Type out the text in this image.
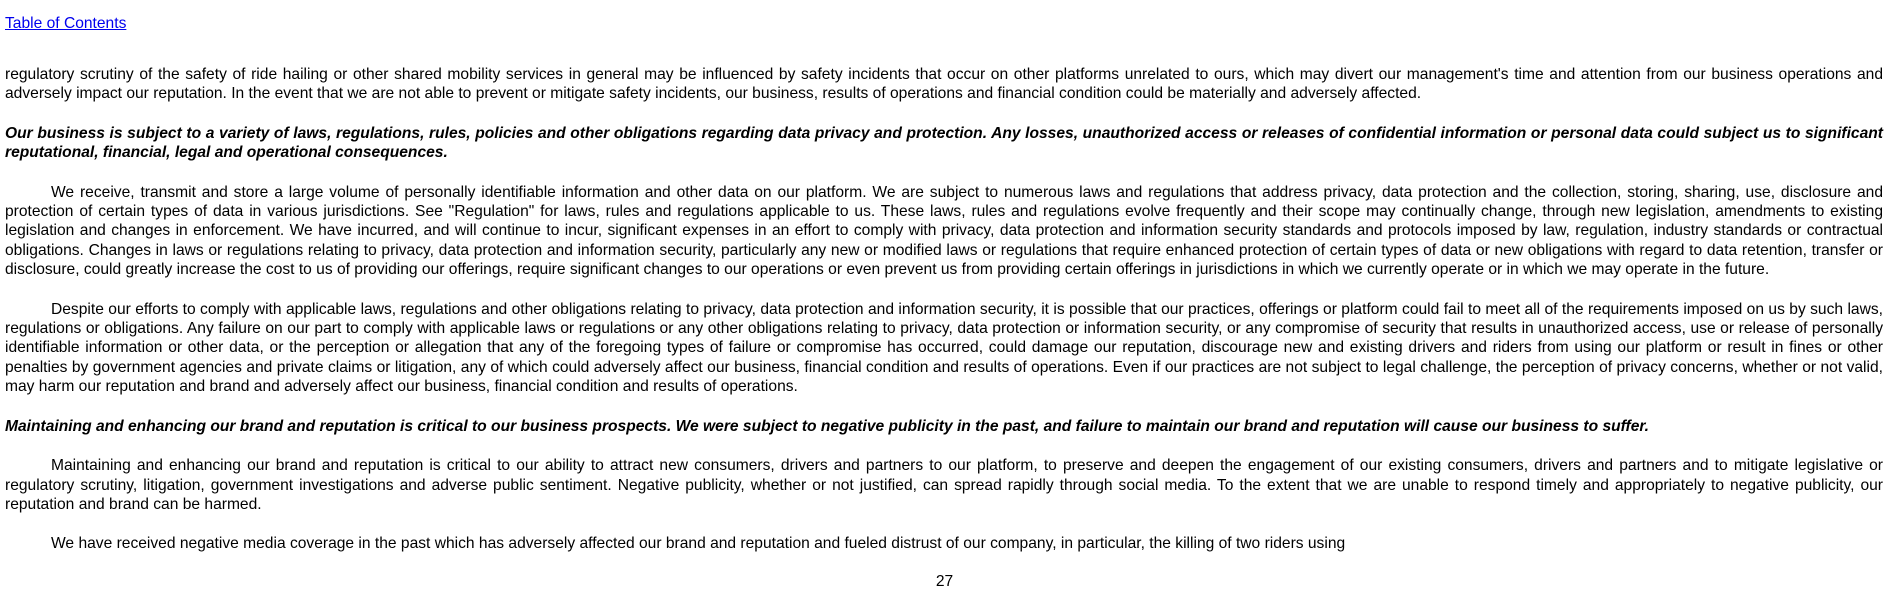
Table of Contents

regulatory scrutiny of the safety of ride hailing or other shared mobility services in general may be influenced by safety incidents that occur on other platforms unrelated to ours, which may divert our management's time and attention from our business operations and adversely impact our reputation. In the event that we are not able to prevent or mitigate safety incidents, our business, results of operations and financial condition could be materially and adversely affected.

Our business is subject to a variety of laws, regulations, rules, policies and other obligations regarding data privacy and protection. Any losses, unauthorized access or releases of confidential information or personal data could subject us to significant reputational, financial, legal and operational consequences.

We receive, transmit and store a large volume of personally identifiable information and other data on our platform. We are subject to numerous laws and regulations that address privacy, data protection and the collection, storing, sharing, use, disclosure and protection of certain types of data in various jurisdictions. See "Regulation" for laws, rules and regulations applicable to us. These laws, rules and regulations evolve frequently and their scope may continually change, through new legislation, amendments to existing legislation and changes in enforcement. We have incurred, and will continue to incur, significant expenses in an effort to comply with privacy, data protection and information security standards and protocols imposed by law, regulation, industry standards or contractual obligations. Changes in laws or regulations relating to privacy, data protection and information security, particularly any new or modified laws or regulations that require enhanced protection of certain types of data or new obligations with regard to data retention, transfer or disclosure, could greatly increase the cost to us of providing our offerings, require significant changes to our operations or even prevent us from providing certain offerings in jurisdictions in which we currently operate or in which we may operate in the future.

Despite our efforts to comply with applicable laws, regulations and other obligations relating to privacy, data protection and information security, it is possible that our practices, offerings or platform could fail to meet all of the requirements imposed on us by such laws, regulations or obligations. Any failure on our part to comply with applicable laws or regulations or any other obligations relating to privacy, data protection or information security, or any compromise of security that results in unauthorized access, use or release of personally identifiable information or other data, or the perception or allegation that any of the foregoing types of failure or compromise has occurred, could damage our reputation, discourage new and existing drivers and riders from using our platform or result in fines or other penalties by government agencies and private claims or litigation, any of which could adversely affect our business, financial condition and results of operations. Even if our practices are not subject to legal challenge, the perception of privacy concerns, whether or not valid, may harm our reputation and brand and adversely affect our business, financial condition and results of operations.

Maintaining and enhancing our brand and reputation is critical to our business prospects. We were subject to negative publicity in the past, and failure to maintain our brand and reputation will cause our business to suffer.

Maintaining and enhancing our brand and reputation is critical to our ability to attract new consumers, drivers and partners to our platform, to preserve and deepen the engagement of our existing consumers, drivers and partners and to mitigate legislative or regulatory scrutiny, litigation, government investigations and adverse public sentiment. Negative publicity, whether or not justified, can spread rapidly through social media. To the extent that we are unable to respond timely and appropriately to negative publicity, our reputation and brand can be harmed.

We have received negative media coverage in the past which has adversely affected our brand and reputation and fueled distrust of our company, in particular, the killing of two riders using

27
